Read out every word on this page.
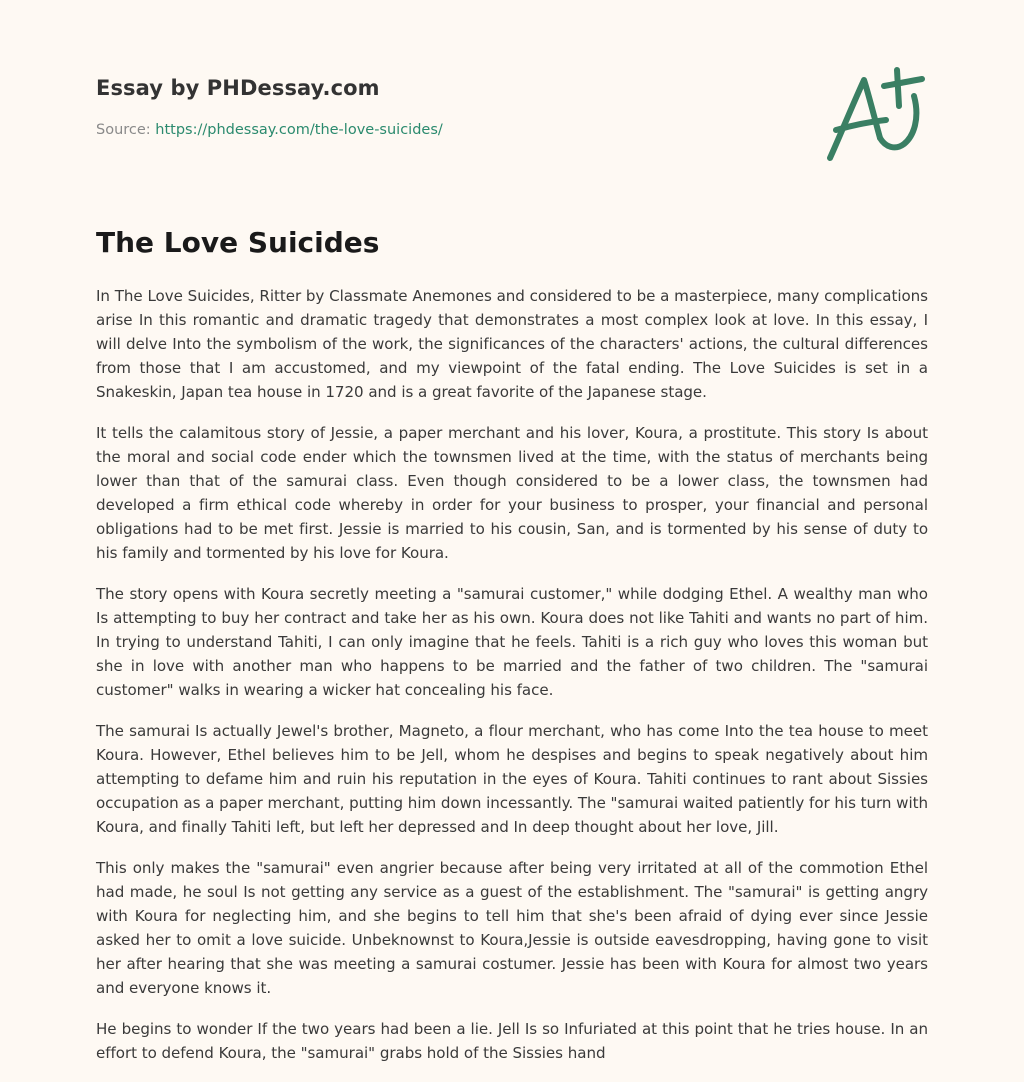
Essay by PHDessay.com
Source: https://phdessay.com/the-love-suicides/
The Love Suicides

In The Love Suicides, Ritter by Classmate Anemones and considered to be a masterpiece, many complications arise In this romantic and dramatic tragedy that demonstrates a most complex look at love. In this essay, I will delve Into the symbolism of the work, the significances of the characters' actions, the cultural differences from those that I am accustomed, and my viewpoint of the fatal ending. The Love Suicides is set in a Snakeskin, Japan tea house in 1720 and is a great favorite of the Japanese stage.

It tells the calamitous story of Jessie, a paper merchant and his lover, Koura, a prostitute. This story Is about the moral and social code ender which the townsmen lived at the time, with the status of merchants being lower than that of the samurai class. Even though considered to be a lower class, the townsmen had developed a firm ethical code whereby in order for your business to prosper, your financial and personal obligations had to be met first. Jessie is married to his cousin, San, and is tormented by his sense of duty to his family and tormented by his love for Koura.

The story opens with Koura secretly meeting a "samurai customer," while dodging Ethel. A wealthy man who Is attempting to buy her contract and take her as his own. Koura does not like Tahiti and wants no part of him. In trying to understand Tahiti, I can only imagine that he feels. Tahiti is a rich guy who loves this woman but she in love with another man who happens to be married and the father of two children. The "samurai customer" walks in wearing a wicker hat concealing his face.

The samurai Is actually Jewel's brother, Magneto, a flour merchant, who has come Into the tea house to meet Koura. However, Ethel believes him to be Jell, whom he despises and begins to speak negatively about him attempting to defame him and ruin his reputation in the eyes of Koura. Tahiti continues to rant about Sissies occupation as a paper merchant, putting him down incessantly. The "samurai waited patiently for his turn with Koura, and finally Tahiti left, but left her depressed and In deep thought about her love, Jill.

This only makes the "samurai" even angrier because after being very irritated at all of the commotion Ethel had made, he soul Is not getting any service as a guest of the establishment. The "samurai" is getting angry with Koura for neglecting him, and she begins to tell him that she's been afraid of dying ever since Jessie asked her to omit a love suicide. Unbeknownst to Koura,Jessie is outside eavesdropping, having gone to visit her after hearing that she was meeting a samurai costumer. Jessie has been with Koura for almost two years and everyone knows it.

He begins to wonder If the two years had been a lie. Jell Is so Infuriated at this point that he tries house. In an effort to defend Koura, the "samurai" grabs hold of the Sissies hand
